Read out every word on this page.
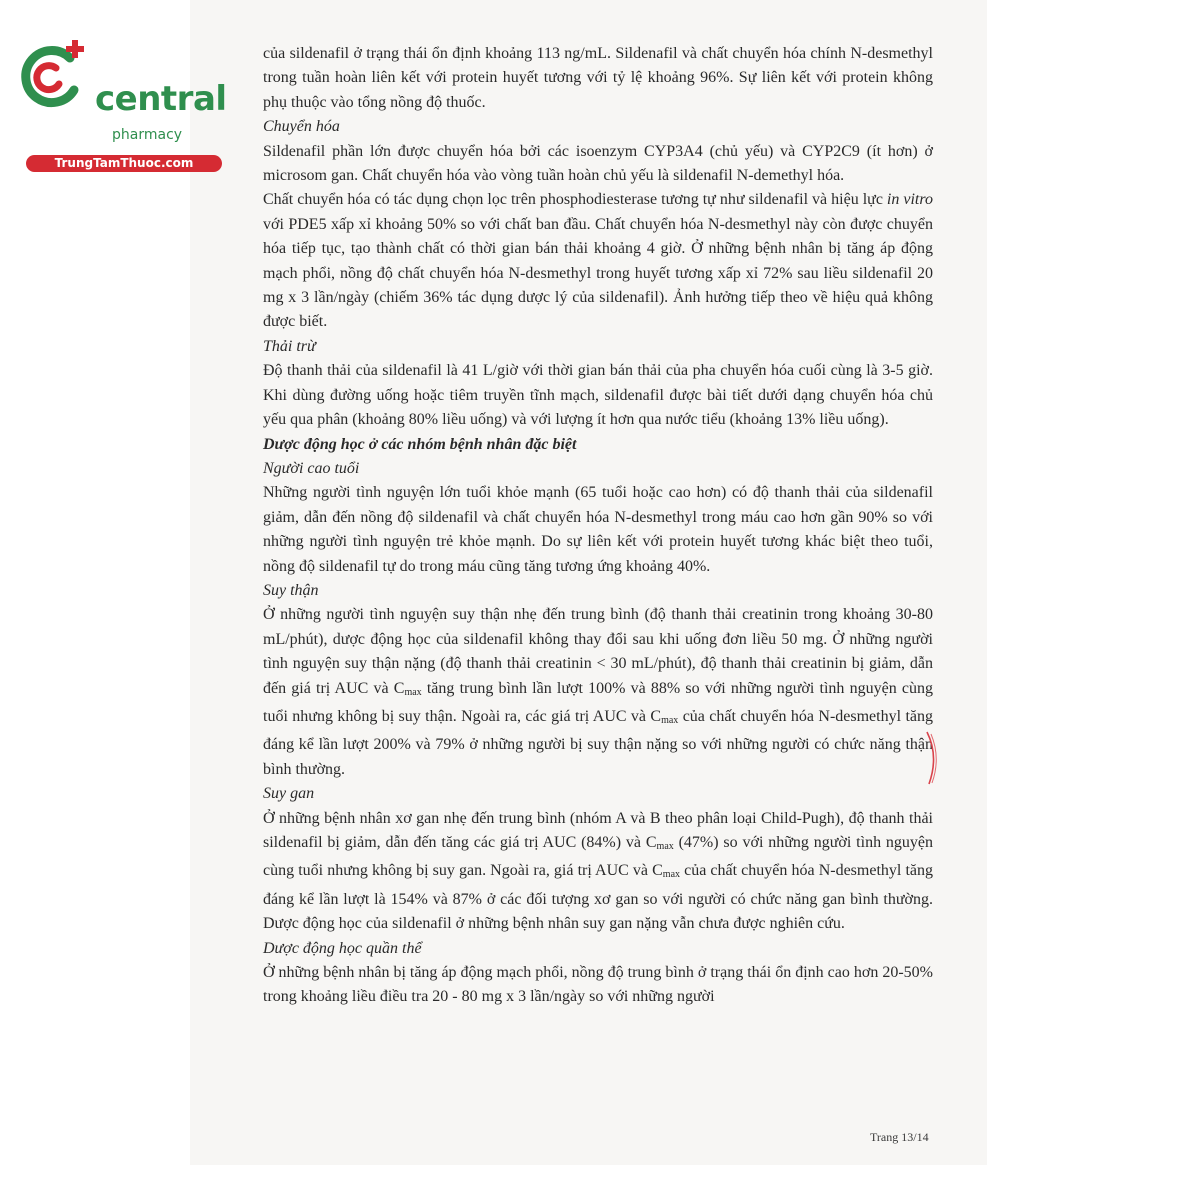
central
pharmacy
TrungTamThuoc.com

của sildenafil ở trạng thái ổn định khoảng 113 ng/mL. Sildenafil và chất chuyển hóa chính N-desmethyl trong tuần hoàn liên kết với protein huyết tương với tỷ lệ khoảng 96%. Sự liên kết với protein không phụ thuộc vào tổng nồng độ thuốc.

Chuyển hóa

Sildenafil phần lớn được chuyển hóa bởi các isoenzym CYP3A4 (chủ yếu) và CYP2C9 (ít hơn) ở microsom gan. Chất chuyển hóa vào vòng tuần hoàn chủ yếu là sildenafil N-demethyl hóa.

Chất chuyển hóa có tác dụng chọn lọc trên phosphodiesterase tương tự như sildenafil và hiệu lực in vitro với PDE5 xấp xỉ khoảng 50% so với chất ban đầu. Chất chuyển hóa N-desmethyl này còn được chuyển hóa tiếp tục, tạo thành chất có thời gian bán thải khoảng 4 giờ. Ở những bệnh nhân bị tăng áp động mạch phổi, nồng độ chất chuyển hóa N-desmethyl trong huyết tương xấp xỉ 72% sau liều sildenafil 20 mg x 3 lần/ngày (chiếm 36% tác dụng dược lý của sildenafil). Ảnh hưởng tiếp theo về hiệu quả không được biết.

Thải trừ

Độ thanh thải của sildenafil là 41 L/giờ với thời gian bán thải của pha chuyển hóa cuối cùng là 3-5 giờ. Khi dùng đường uống hoặc tiêm truyền tĩnh mạch, sildenafil được bài tiết dưới dạng chuyển hóa chủ yếu qua phân (khoảng 80% liều uống) và với lượng ít hơn qua nước tiểu (khoảng 13% liều uống).

Dược động học ở các nhóm bệnh nhân đặc biệt

Người cao tuổi

Những người tình nguyện lớn tuổi khỏe mạnh (65 tuổi hoặc cao hơn) có độ thanh thải của sildenafil giảm, dẫn đến nồng độ sildenafil và chất chuyển hóa N-desmethyl trong máu cao hơn gần 90% so với những người tình nguyện trẻ khỏe mạnh. Do sự liên kết với protein huyết tương khác biệt theo tuổi, nồng độ sildenafil tự do trong máu cũng tăng tương ứng khoảng 40%.

Suy thận

Ở những người tình nguyện suy thận nhẹ đến trung bình (độ thanh thải creatinin trong khoảng 30-80 mL/phút), dược động học của sildenafil không thay đổi sau khi uống đơn liều 50 mg. Ở những người tình nguyện suy thận nặng (độ thanh thải creatinin < 30 mL/phút), độ thanh thải creatinin bị giảm, dẫn đến giá trị AUC và $C_{max}$ tăng trung bình lần lượt 100% và 88% so với những người tình nguyện cùng tuổi nhưng không bị suy thận. Ngoài ra, các giá trị AUC và $C_{max}$ của chất chuyển hóa N-desmethyl tăng đáng kể lần lượt 200% và 79% ở những người bị suy thận nặng so với những người có chức năng thận bình thường.

Suy gan

Ở những bệnh nhân xơ gan nhẹ đến trung bình (nhóm A và B theo phân loại Child-Pugh), độ thanh thải sildenafil bị giảm, dẫn đến tăng các giá trị AUC (84%) và $C_{max}$ (47%) so với những người tình nguyện cùng tuổi nhưng không bị suy gan. Ngoài ra, giá trị AUC và $C_{max}$ của chất chuyển hóa N-desmethyl tăng đáng kể lần lượt là 154% và 87% ở các đối tượng xơ gan so với người có chức năng gan bình thường. Dược động học của sildenafil ở những bệnh nhân suy gan nặng vẫn chưa được nghiên cứu.

Dược động học quần thể

Ở những bệnh nhân bị tăng áp động mạch phổi, nồng độ trung bình ở trạng thái ổn định cao hơn 20-50% trong khoảng liều điều tra 20 - 80 mg x 3 lần/ngày so với những người

Trang 13/14
